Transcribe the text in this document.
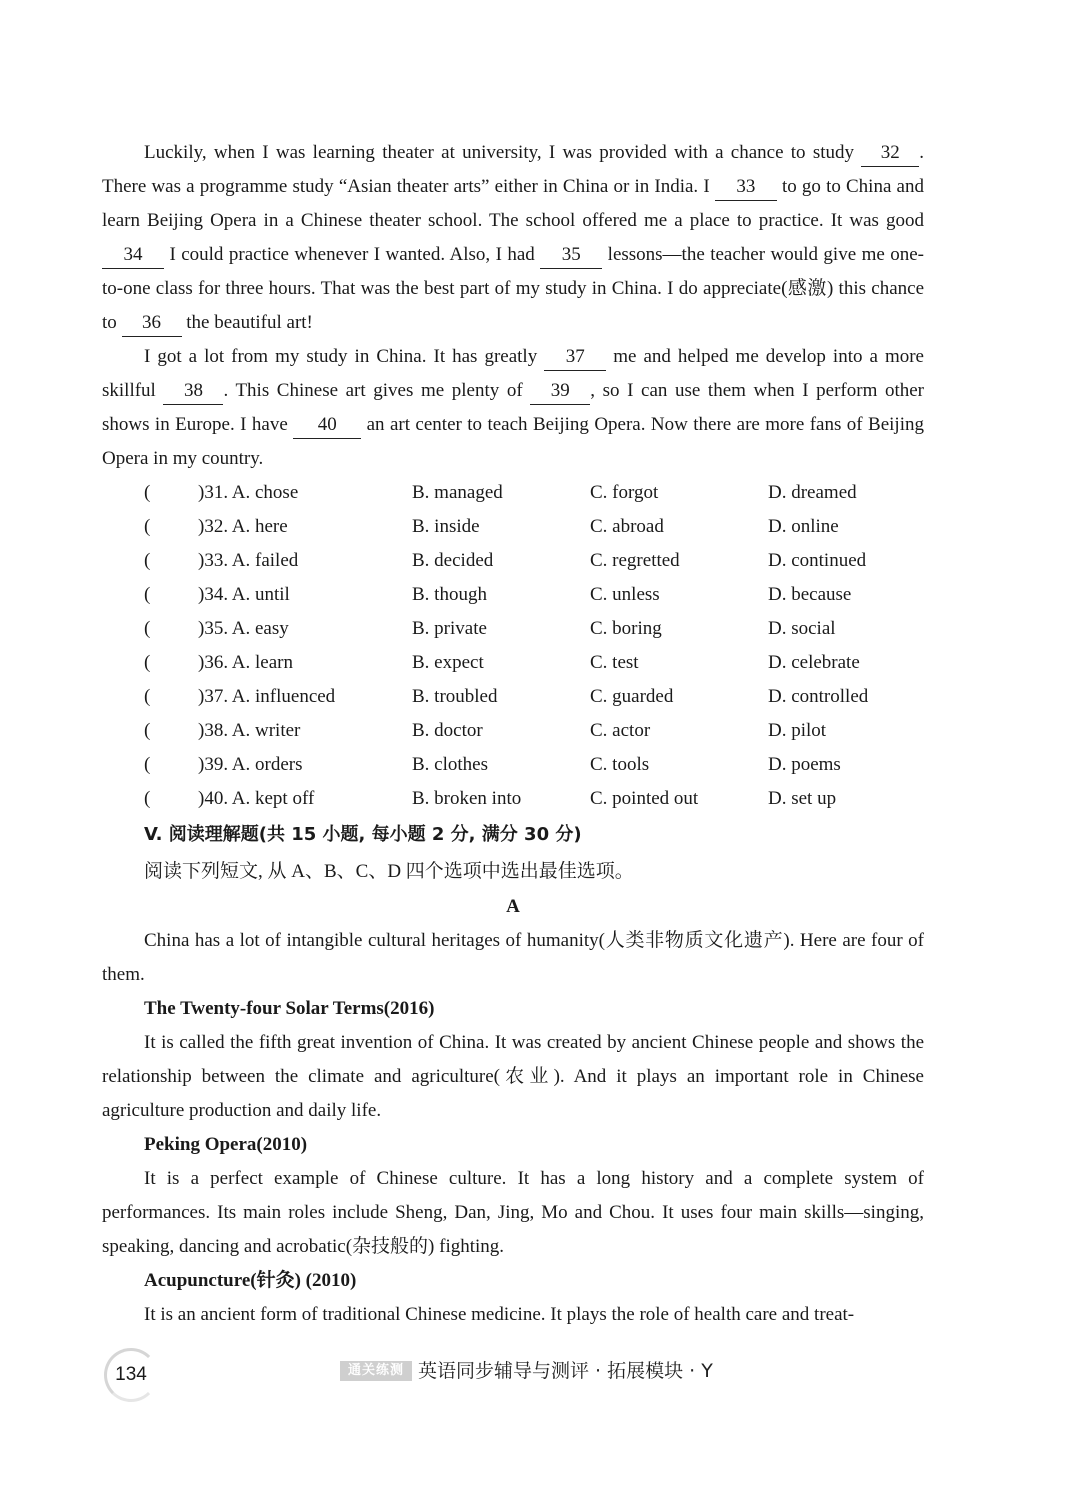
Luckily, when I was learning theater at university, I was provided with a chance to study 32 . There was a programme study “Asian theater arts” either in China or in India. I 33 to go to China and learn Beijing Opera in a Chinese theater school. The school offered me a place to practice. It was good 34 I could practice whenever I wanted. Also, I had 35 lessons—the teacher would give me one-to-one class for three hours. That was the best part of my study in China. I do appreciate(感激) this chance to 36 the beautiful art!

I got a lot from my study in China. It has greatly 37 me and helped me develop into a more skillful 38 . This Chinese art gives me plenty of 39 , so I can use them when I perform other shows in Europe. I have 40 an art center to teach Beijing Opera. Now there are more fans of Beijing Opera in my country.

(	)31. A. chose	B. managed	C. forgot	D. dreamed
(	)32. A. here	B. inside	C. abroad	D. online
(	)33. A. failed	B. decided	C. regretted	D. continued
(	)34. A. until	B. though	C. unless	D. because
(	)35. A. easy	B. private	C. boring	D. social
(	)36. A. learn	B. expect	C. test	D. celebrate
(	)37. A. influenced	B. troubled	C. guarded	D. controlled
(	)38. A. writer	B. doctor	C. actor	D. pilot
(	)39. A. orders	B. clothes	C. tools	D. poems
(	)40. A. kept off	B. broken into	C. pointed out	D. set up

V. 阅读理解题(共 15 小题, 每小题 2 分, 满分 30 分)

阅读下列短文, 从 A、B、C、D 四个选项中选出最佳选项。

A

China has a lot of intangible cultural heritages of humanity(人类非物质文化遗产). Here are four of them.

The Twenty-four Solar Terms(2016)

It is called the fifth great invention of China. It was created by ancient Chinese people and shows the relationship between the climate and agriculture(农业). And it plays an important role in Chinese agriculture production and daily life.

Peking Opera(2010)

It is a perfect example of Chinese culture. It has a long history and a complete system of performances. Its main roles include Sheng, Dan, Jing, Mo and Chou. It uses four main skills—singing, speaking, dancing and acrobatic(杂技般的) fighting.

Acupuncture(针灸) (2010)

It is an ancient form of traditional Chinese medicine. It plays the role of health care and treat-

134	通关练测 英语同步辅导与测评 · 拓展模块 · Y
